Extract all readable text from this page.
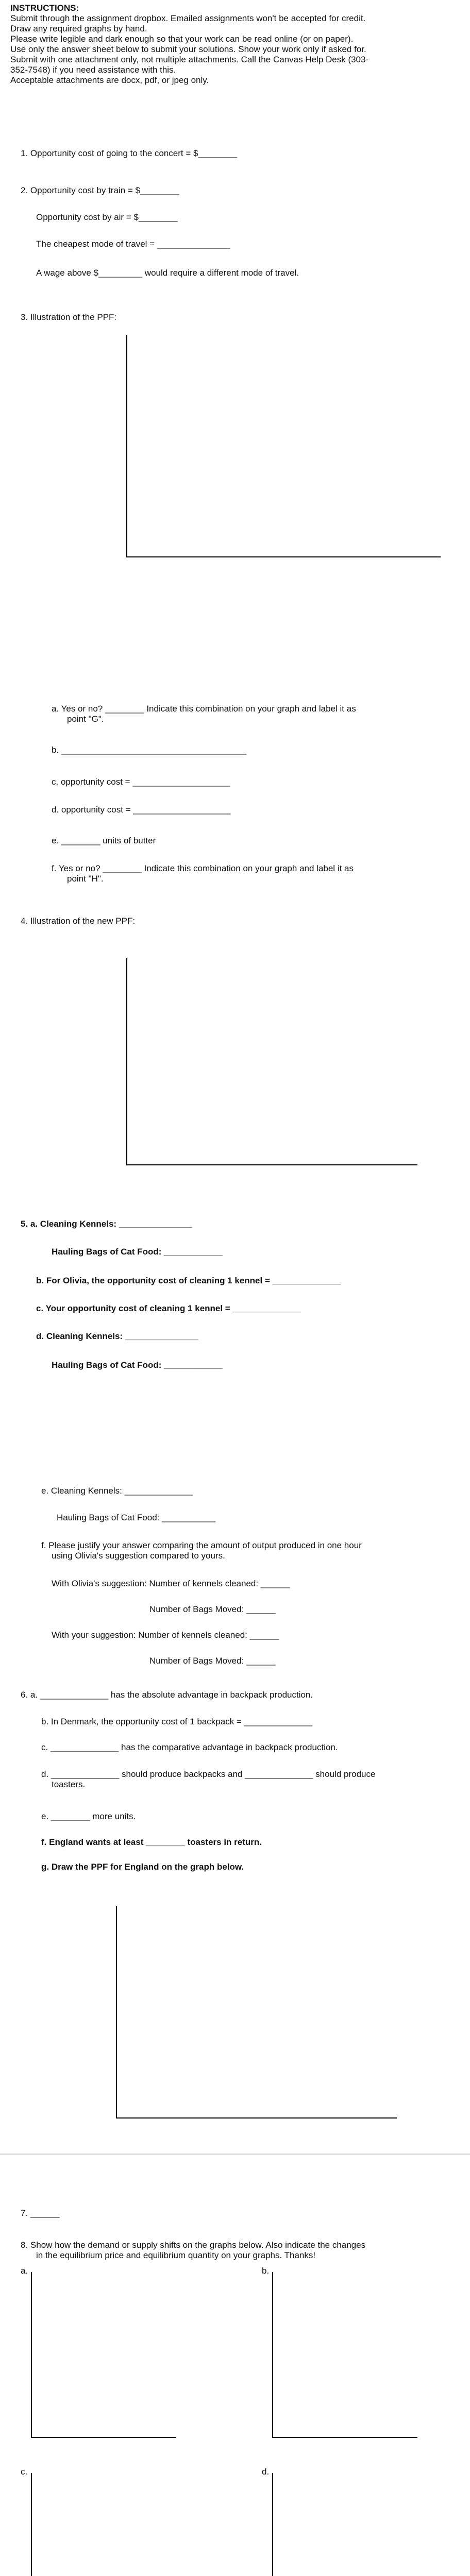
INSTRUCTIONS:
Submit through the assignment dropbox. Emailed assignments won't be accepted for credit.
Draw any required graphs by hand.
Please write legible and dark enough so that your work can be read online (or on paper).
Use only the answer sheet below to submit your solutions. Show your work only if asked for.
Submit with one attachment only, not multiple attachments. Call the Canvas Help Desk (303-
352-7548) if you need assistance with this.
Acceptable attachments are docx, pdf, or jpeg only.
1. Opportunity cost of going to the concert = $________
2. Opportunity cost by train = $________
Opportunity cost by air = $________
The cheapest mode of travel = _______________
A wage above $_________ would require a different mode of travel.
3. Illustration of the PPF:
a. Yes or no? ________ Indicate this combination on your graph and label it as
point "G".
b. ______________________________________
c. opportunity cost = ____________________
d. opportunity cost = ____________________
e. ________ units of butter
f. Yes or no? ________ Indicate this combination on your graph and label it as
point "H".
4. Illustration of the new PPF:
5. a. Cleaning Kennels: _______________
Hauling Bags of Cat Food: ____________
b. For Olivia, the opportunity cost of cleaning 1 kennel = ______________
c. Your opportunity cost of cleaning 1 kennel = ______________
d. Cleaning Kennels: _______________
Hauling Bags of Cat Food: ____________
e. Cleaning Kennels: ______________
Hauling Bags of Cat Food: ___________
f. Please justify your answer comparing the amount of output produced in one hour
using Olivia's suggestion compared to yours.
With Olivia's suggestion: Number of kennels cleaned: ______
Number of Bags Moved: ______
With your suggestion: Number of kennels cleaned: ______
Number of Bags Moved: ______
6. a. ______________ has the absolute advantage in backpack production.
b. In Denmark, the opportunity cost of 1 backpack = ______________
c. ______________ has the comparative advantage in backpack production.
d. ______________ should produce backpacks and ______________ should produce
toasters.
e. ________ more units.
f. England wants at least ________ toasters in return.
g. Draw the PPF for England on the graph below.
7. ______
8. Show how the demand or supply shifts on the graphs below. Also indicate the changes
in the equilibrium price and equilibrium quantity on your graphs. Thanks!
a.	b.
c.	d.
